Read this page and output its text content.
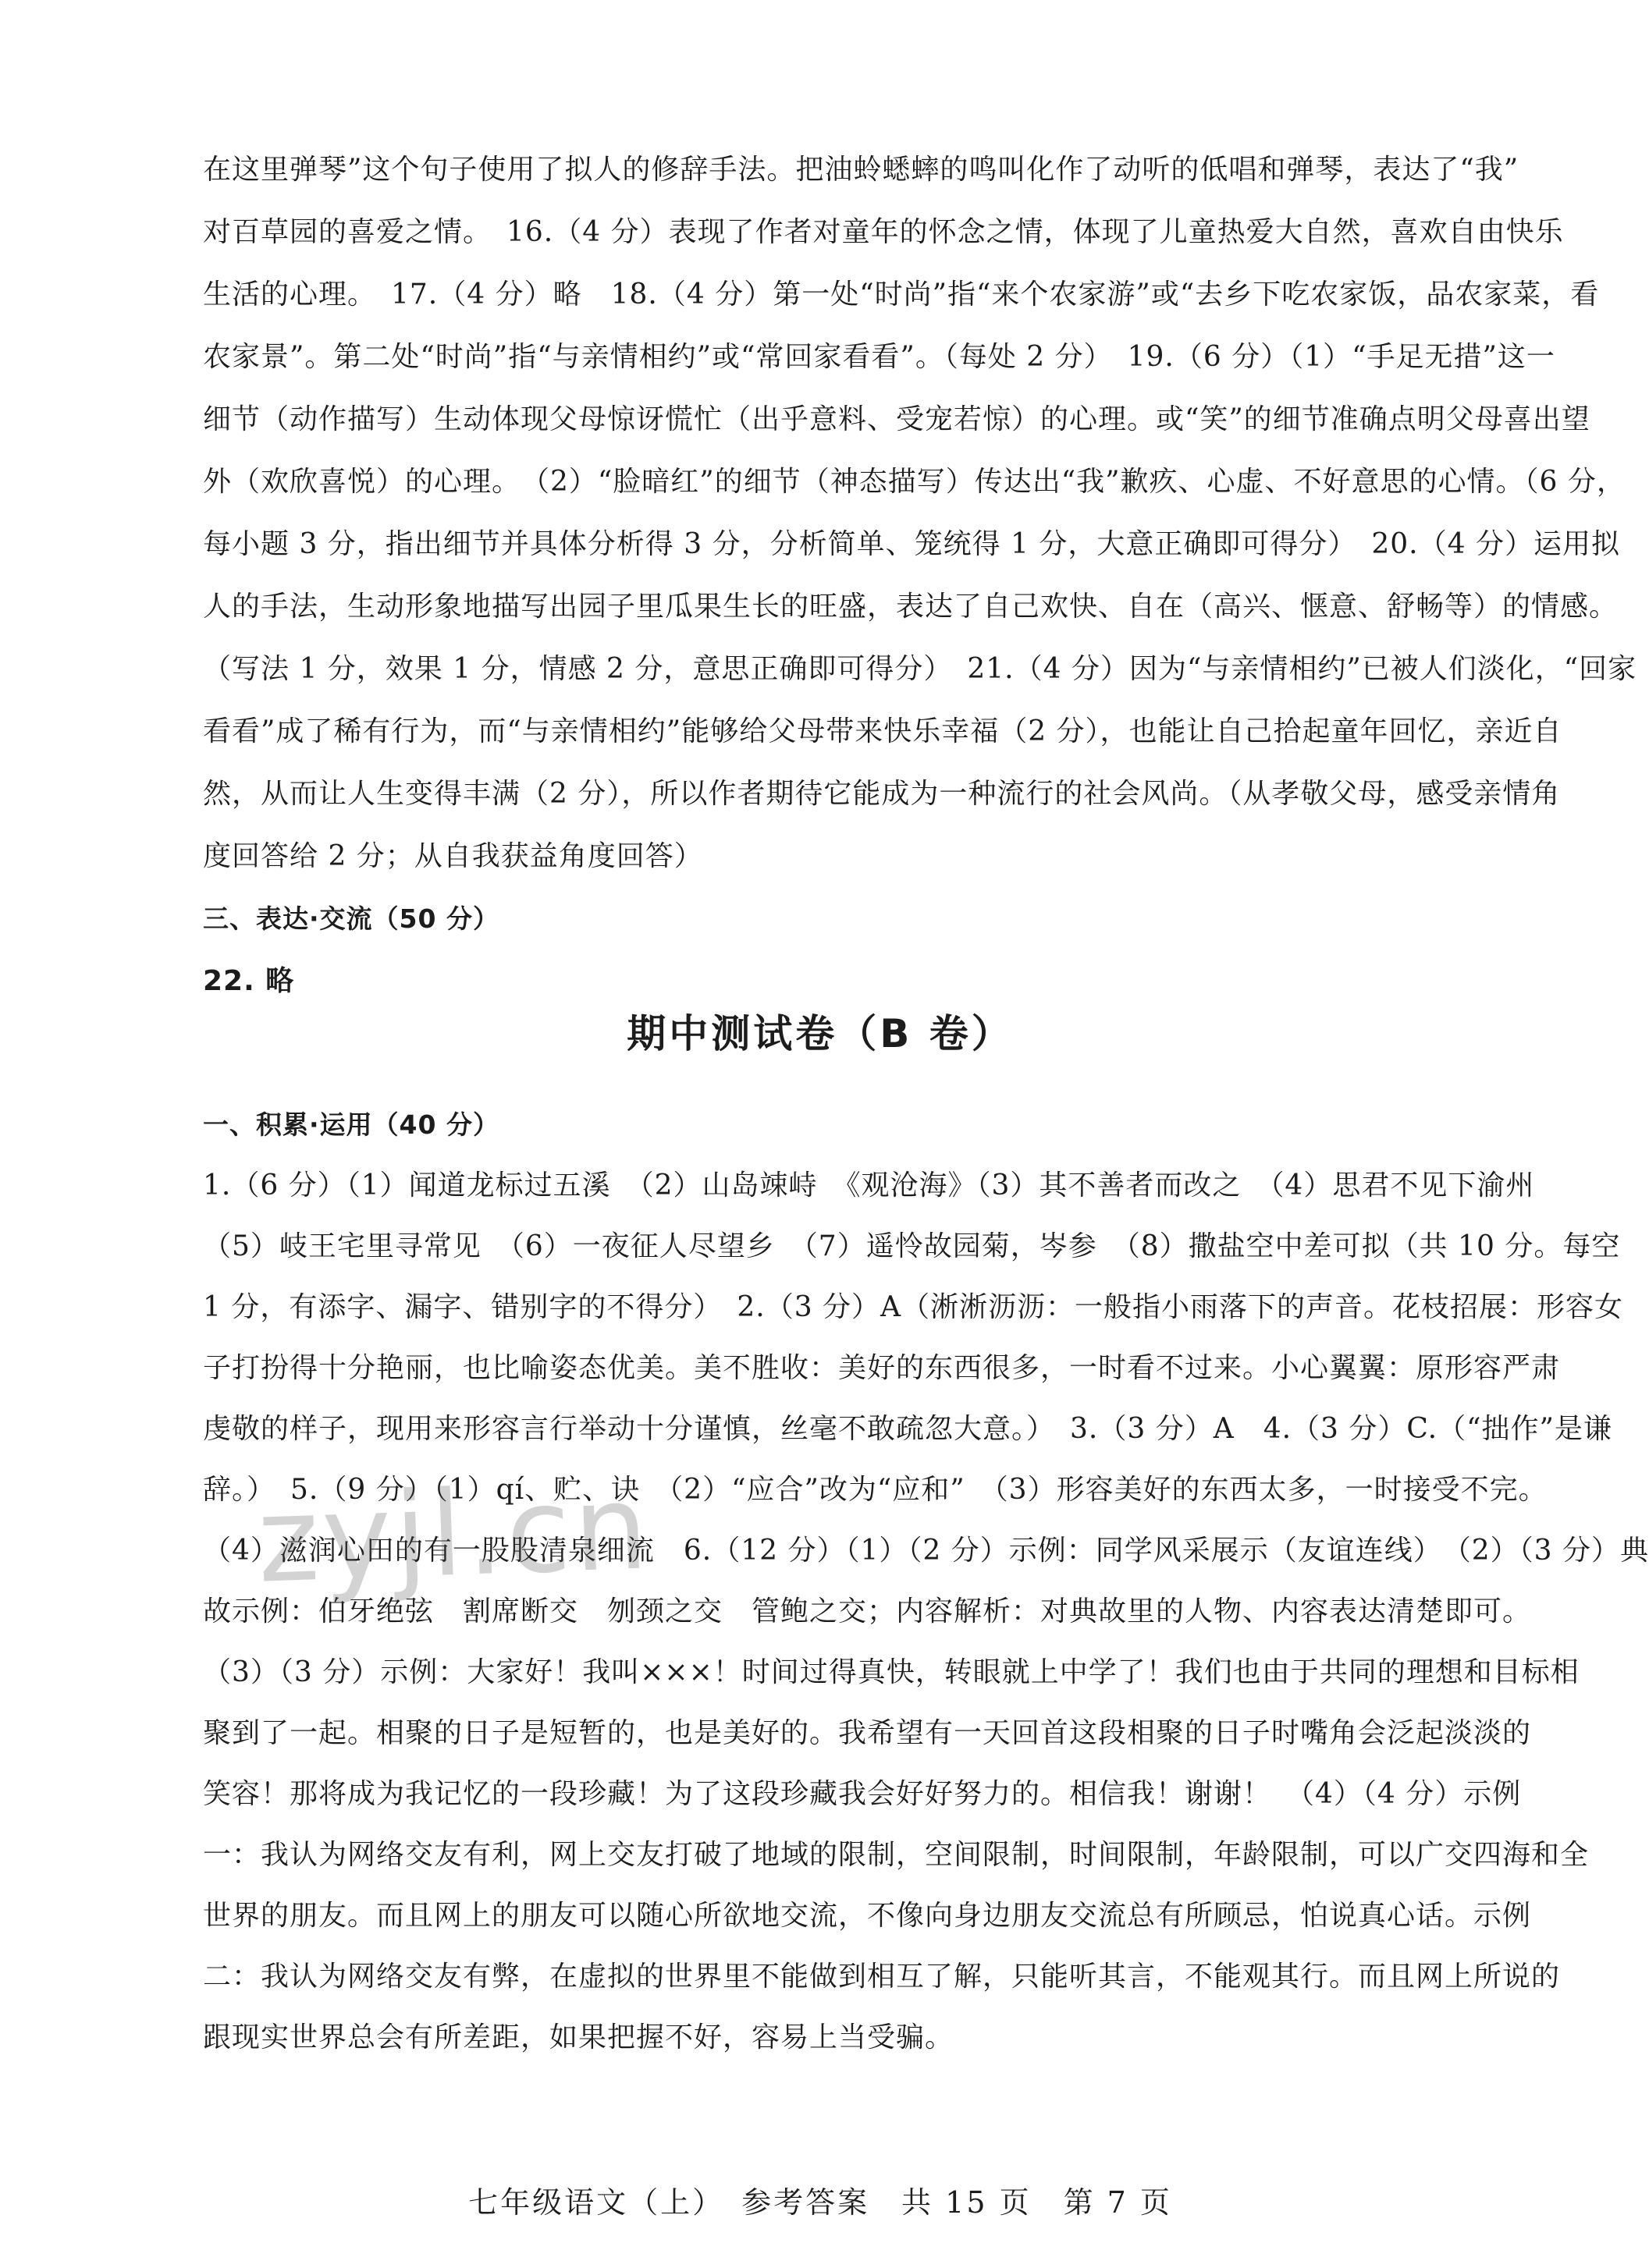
在这里弹琴”这个句子使用了拟人的修辞手法。把油蛉蟋蟀的鸣叫化作了动听的低唱和弹琴，表达了“我”
对百草园的喜爱之情。　16.（4 分）表现了作者对童年的怀念之情，体现了儿童热爱大自然，喜欢自由快乐
生活的心理。　17.（4 分）略　18.（4 分）第一处“时尚”指“来个农家游”或“去乡下吃农家饭，品农家菜，看
农家景”。第二处“时尚”指“与亲情相约”或“常回家看看”。（每处 2 分）　19.（6 分）（1）“手足无措”这一
细节（动作描写）生动体现父母惊讶慌忙（出乎意料、受宠若惊）的心理。或“笑”的细节准确点明父母喜出望
外（欢欣喜悦）的心理。　（2）“脸暗红”的细节（神态描写）传达出“我”歉疚、心虚、不好意思的心情。（6 分，
每小题 3 分，指出细节并具体分析得 3 分，分析简单、笼统得 1 分，大意正确即可得分）　20.（4 分）运用拟
人的手法，生动形象地描写出园子里瓜果生长的旺盛，表达了自己欢快、自在（高兴、惬意、舒畅等）的情感。
（写法 1 分，效果 1 分，情感 2 分，意思正确即可得分）　21.（4 分）因为“与亲情相约”已被人们淡化，“回家
看看”成了稀有行为，而“与亲情相约”能够给父母带来快乐幸福（2 分），也能让自己拾起童年回忆，亲近自
然，从而让人生变得丰满（2 分），所以作者期待它能成为一种流行的社会风尚。（从孝敬父母，感受亲情角
度回答给 2 分；从自我获益角度回答）
三、表达·交流（50 分）
22. 略
期中测试卷（B 卷）
一、积累·运用（40 分）
1.（6 分）（1）闻道龙标过五溪　（2）山岛竦峙　《观沧海》（3）其不善者而改之　（4）思君不见下渝州
（5）岐王宅里寻常见　（6）一夜征人尽望乡　（7）遥怜故园菊，岑参　（8）撒盐空中差可拟（共 10 分。每空
1 分，有添字、漏字、错别字的不得分）　2.（3 分）A（淅淅沥沥：一般指小雨落下的声音。花枝招展：形容女
子打扮得十分艳丽，也比喻姿态优美。美不胜收：美好的东西很多，一时看不过来。小心翼翼：原形容严肃
虔敬的样子，现用来形容言行举动十分谨慎，丝毫不敢疏忽大意。）　3.（3 分）A　4.（3 分）C.（“拙作”是谦
辞。）　5.（9 分）（1）qí、贮、诀　（2）“应合”改为“应和”　（3）形容美好的东西太多，一时接受不完。
（4）滋润心田的有一股股清泉细流　6.（12 分）（1）（2 分）示例：同学风采展示（友谊连线）　（2）（3 分）典
故示例：伯牙绝弦　割席断交　刎颈之交　管鲍之交；内容解析：对典故里的人物、内容表达清楚即可。
（3）（3 分）示例：大家好！我叫×××！时间过得真快，转眼就上中学了！我们也由于共同的理想和目标相
聚到了一起。相聚的日子是短暂的，也是美好的。我希望有一天回首这段相聚的日子时嘴角会泛起淡淡的
笑容！那将成为我记忆的一段珍藏！为了这段珍藏我会好好努力的。相信我！谢谢！　（4）（4 分）示例
一：我认为网络交友有利，网上交友打破了地域的限制，空间限制，时间限制，年龄限制，可以广交四海和全
世界的朋友。而且网上的朋友可以随心所欲地交流，不像向身边朋友交流总有所顾忌，怕说真心话。示例
二：我认为网络交友有弊，在虚拟的世界里不能做到相互了解，只能听其言，不能观其行。而且网上所说的
跟现实世界总会有所差距，如果把握不好，容易上当受骗。
zyjl.cn
七年级语文（上）　参考答案　共 15 页　第 7 页
